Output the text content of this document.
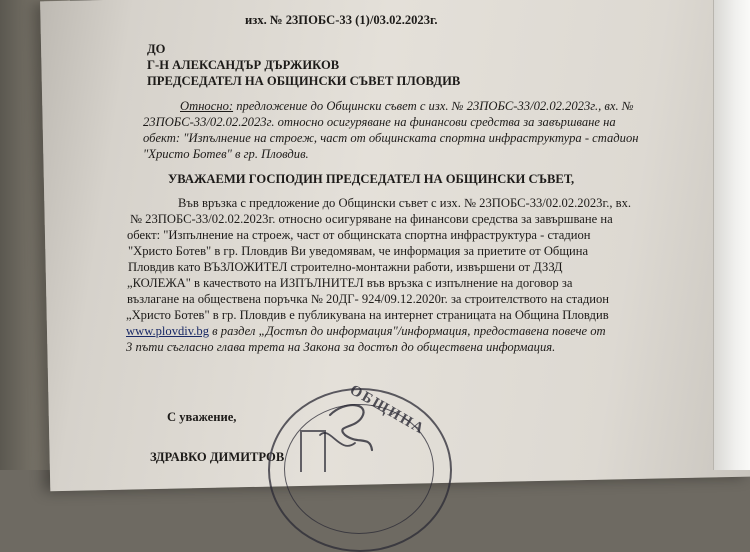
изх. № 23ПОБС-33 (1)/03.02.2023г.
ДО
Г-Н АЛЕКСАНДЪР ДЪРЖИКОВ
ПРЕДСЕДАТЕЛ НА ОБЩИНСКИ СЪВЕТ ПЛОВДИВ
Относно: предложение до Общински съвет с изх. № 23ПОБС-33/02.02.2023г., вх. №
23ПОБС-33/02.02.2023г. относно осигуряване на финансови средства за завършване на
обект: "Изпълнение на строеж, част от общинската спортна инфраструктура - стадион
"Христо Ботев" в гр. Пловдив.
УВАЖАЕМИ ГОСПОДИН ПРЕДСЕДАТЕЛ НА ОБЩИНСКИ СЪВЕТ,
Във връзка с предложение до Общински съвет с изх. № 23ПОБС-33/02.02.2023г., вх.
№ 23ПОБС-33/02.02.2023г. относно осигуряване на финансови средства за завършване на
обект: "Изпълнение на строеж, част от общинската спортна инфраструктура - стадион
"Христо Ботев" в гр. Пловдив Ви уведомявам, че информация за приетите от Община
Пловдив като ВЪЗЛОЖИТЕЛ строително-монтажни работи, извършени от ДЗЗД
„КОЛЕЖА" в качеството на ИЗПЪЛНИТЕЛ във връзка с изпълнение на договор за
възлагане на обществена поръчка № 20ДГ- 924/09.12.2020г. за строителството на стадион
„Христо Ботев" в гр. Пловдив е публикувана на интернет страницата на Община Пловдив
www.plovdiv.bg в раздел „Достъп до информация"/информация, предоставена повече от
3 пъти съгласно глава трета на Закона за достъп до обществена информация.
С уважение,
ЗДРАВКО ДИМИТРОВ
ОБЩИНА
